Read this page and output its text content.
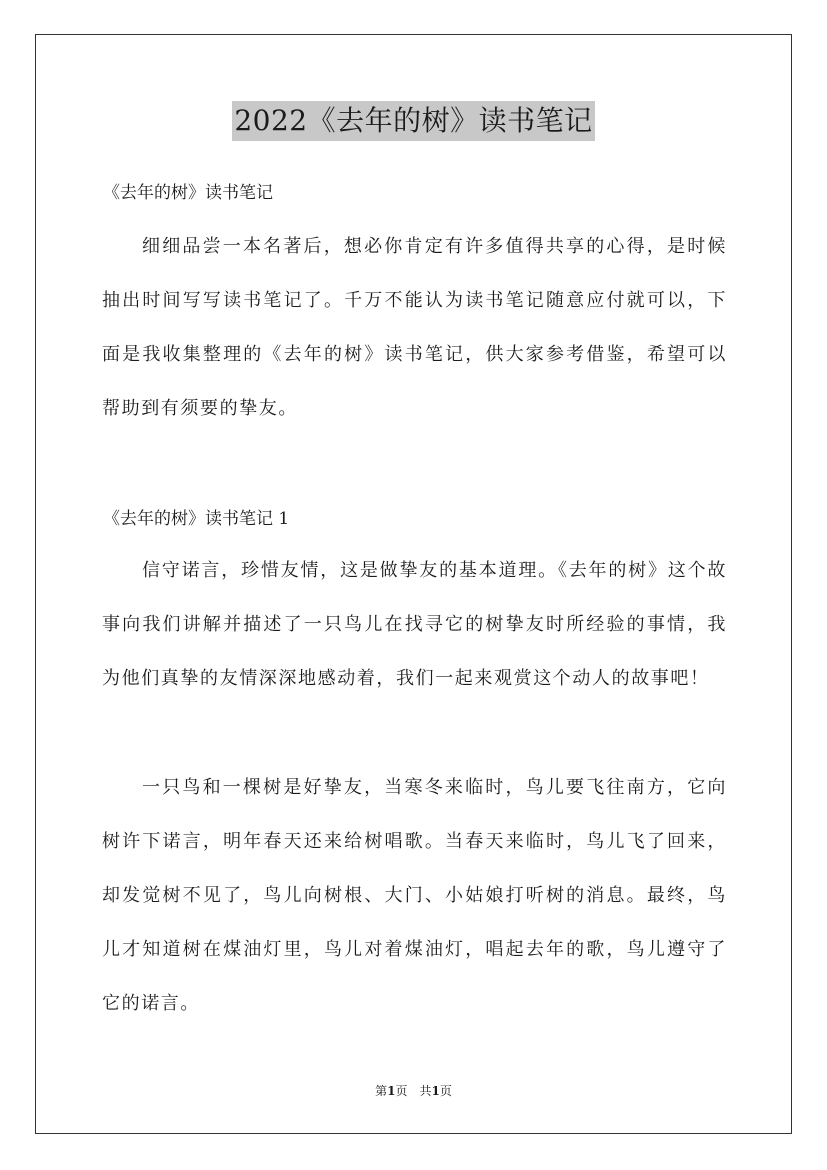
2022《去年的树》读书笔记
《去年的树》读书笔记

细细品尝一本名著后，想必你肯定有许多值得共享的心得，是时候抽出时间写写读书笔记了。千万不能认为读书笔记随意应付就可以，下面是我收集整理的《去年的树》读书笔记，供大家参考借鉴，希望可以帮助到有须要的挚友。

《去年的树》读书笔记 1

信守诺言，珍惜友情，这是做挚友的基本道理。《去年的树》这个故事向我们讲解并描述了一只鸟儿在找寻它的树挚友时所经验的事情，我为他们真挚的友情深深地感动着，我们一起来观赏这个动人的故事吧！

一只鸟和一棵树是好挚友，当寒冬来临时，鸟儿要飞往南方，它向树许下诺言，明年春天还来给树唱歌。当春天来临时，鸟儿飞了回来，却发觉树不见了，鸟儿向树根、大门、小姑娘打听树的消息。最终，鸟儿才知道树在煤油灯里，鸟儿对着煤油灯，唱起去年的歌，鸟儿遵守了它的诺言。

第1页　共1页
